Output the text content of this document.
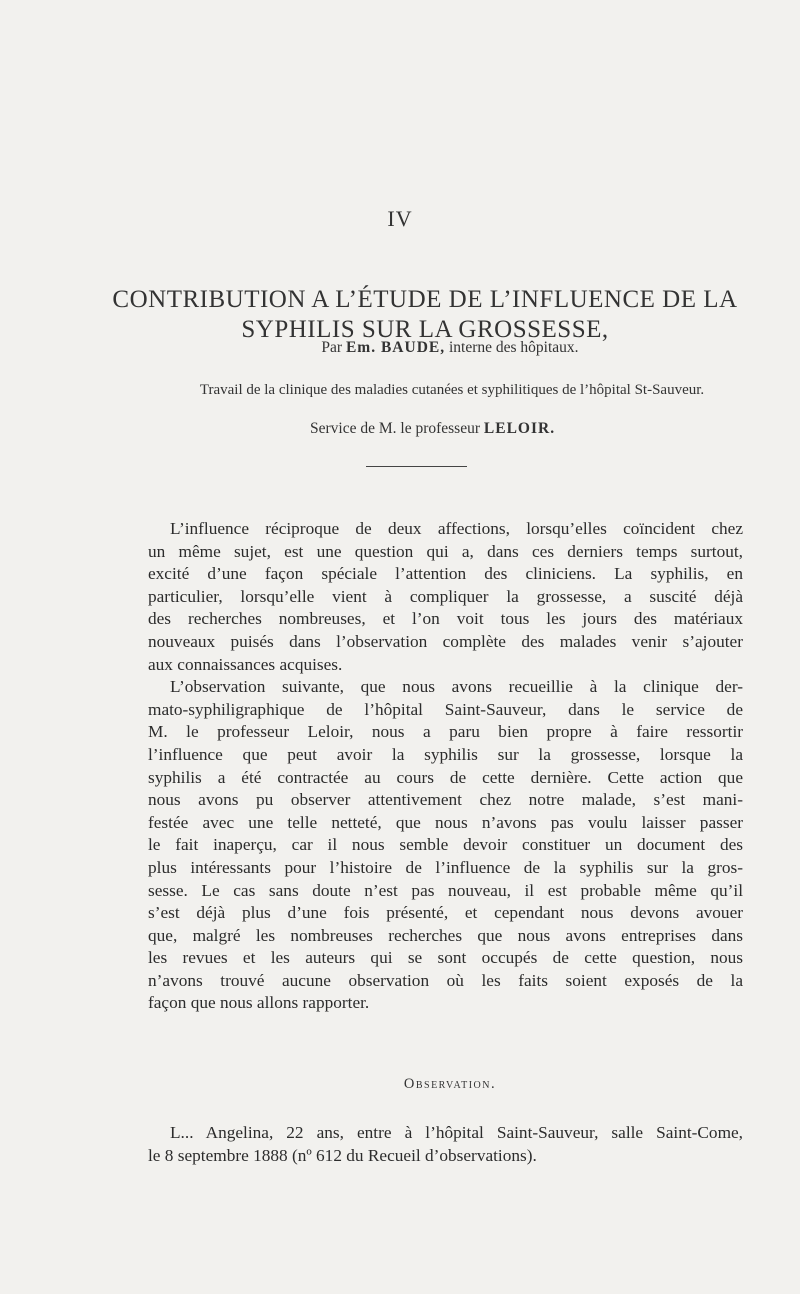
IV
CONTRIBUTION A L’ÉTUDE DE L’INFLUENCE DE LA
SYPHILIS SUR LA GROSSESSE,
Par Em. BAUDE, interne des hôpitaux.
Travail de la clinique des maladies cutanées et syphilitiques de l’hôpital St-Sauveur.
Service de M. le professeur LELOIR.
L’influence réciproque de deux affections, lorsqu’elles coïncident chez
un même sujet, est une question qui a, dans ces derniers temps surtout,
excité d’une façon spéciale l’attention des cliniciens. La syphilis, en
particulier, lorsqu’elle vient à compliquer la grossesse, a suscité déjà
des recherches nombreuses, et l’on voit tous les jours des matériaux
nouveaux puisés dans l’observation complète des malades venir s’ajouter
aux connaissances acquises.
L’observation suivante, que nous avons recueillie à la clinique der-
mato-syphiligraphique de l’hôpital Saint-Sauveur, dans le service de
M. le professeur Leloir, nous a paru bien propre à faire ressortir
l’influence que peut avoir la syphilis sur la grossesse, lorsque la
syphilis a été contractée au cours de cette dernière. Cette action que
nous avons pu observer attentivement chez notre malade, s’est mani-
festée avec une telle netteté, que nous n’avons pas voulu laisser passer
le fait inaperçu, car il nous semble devoir constituer un document des
plus intéressants pour l’histoire de l’influence de la syphilis sur la gros-
sesse. Le cas sans doute n’est pas nouveau, il est probable même qu’il
s’est déjà plus d’une fois présenté, et cependant nous devons avouer
que, malgré les nombreuses recherches que nous avons entreprises dans
les revues et les auteurs qui se sont occupés de cette question, nous
n’avons trouvé aucune observation où les faits soient exposés de la
façon que nous allons rapporter.
Observation.
L... Angelina, 22 ans, entre à l’hôpital Saint-Sauveur, salle Saint-Come,
le 8 septembre 1888 (nº 612 du Recueil d’observations).
